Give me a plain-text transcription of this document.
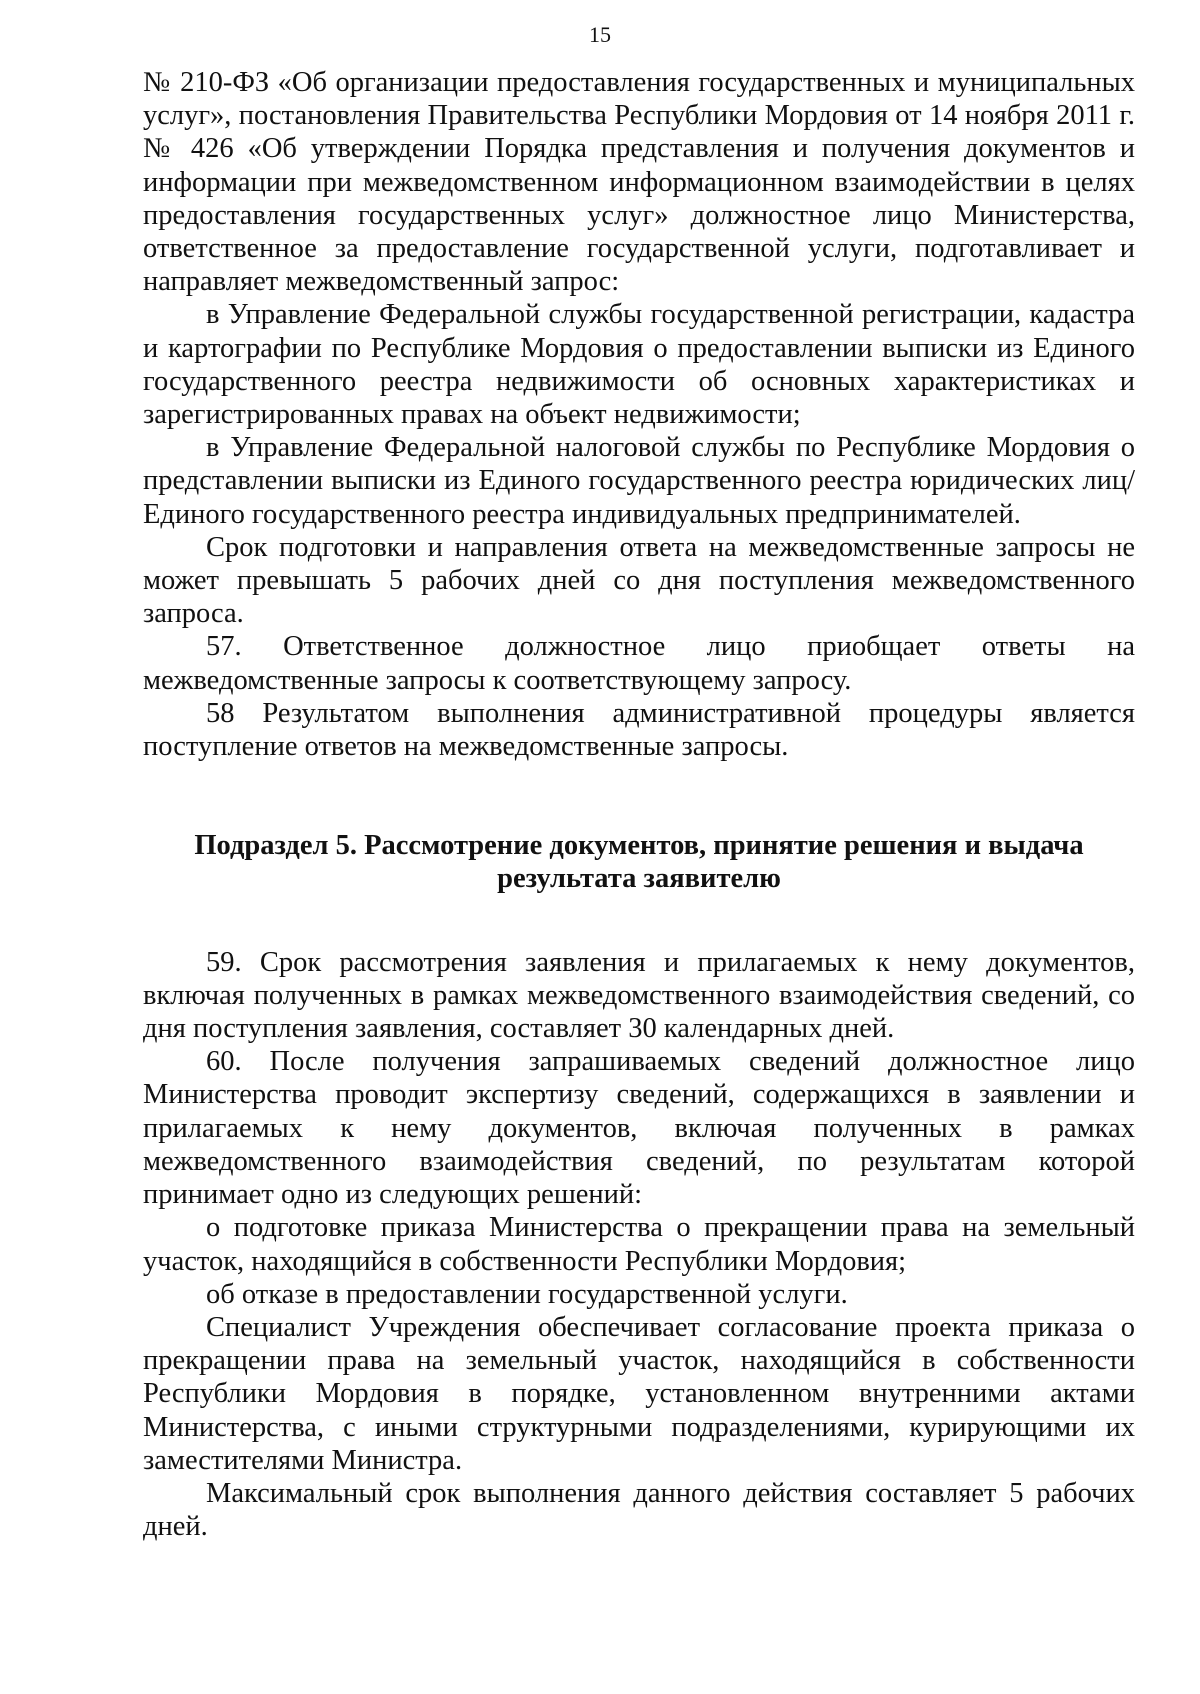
15

№ 210-ФЗ «Об организации предоставления государственных и муниципальных услуг», постановления Правительства Республики Мордовия от 14 ноября 2011 г. № 426 «Об утверждении Порядка представления и получения документов и информации при межведомственном информационном взаимодействии в целях предоставления государственных услуг» должностное лицо Министерства, ответственное за предоставление государственной услуги, подготавливает и направляет межведомственный запрос:

в Управление Федеральной службы государственной регистрации, кадастра и картографии по Республике Мордовия о предоставлении выписки из Единого государственного реестра недвижимости об основных характеристиках и зарегистрированных правах на объект недвижимости;

в Управление Федеральной налоговой службы по Республике Мордовия о представлении выписки из Единого государственного реестра юридических лиц/Единого государственного реестра индивидуальных предпринимателей.

Срок подготовки и направления ответа на межведомственные запросы не может превышать 5 рабочих дней со дня поступления межведомственного запроса.

57. Ответственное должностное лицо приобщает ответы на межведомственные запросы к соответствующему запросу.

58 Результатом выполнения административной процедуры является поступление ответов на межведомственные запросы.

Подраздел 5. Рассмотрение документов, принятие решения и выдача

результата заявителю

59. Срок рассмотрения заявления и прилагаемых к нему документов, включая полученных в рамках межведомственного взаимодействия сведений, со дня поступления заявления, составляет 30 календарных дней.

60. После получения запрашиваемых сведений должностное лицо Министерства проводит экспертизу сведений, содержащихся в заявлении и прилагаемых к нему документов, включая полученных в рамках межведомственного взаимодействия сведений, по результатам которой принимает одно из следующих решений:

о подготовке приказа Министерства о прекращении права на земельный участок, находящийся в собственности Республики Мордовия;

об отказе в предоставлении государственной услуги.

Специалист Учреждения обеспечивает согласование проекта приказа о прекращении права на земельный участок, находящийся в собственности Республики Мордовия в порядке, установленном внутренними актами Министерства, с иными структурными подразделениями, курирующими их заместителями Министра.

Максимальный срок выполнения данного действия составляет 5 рабочих дней.
